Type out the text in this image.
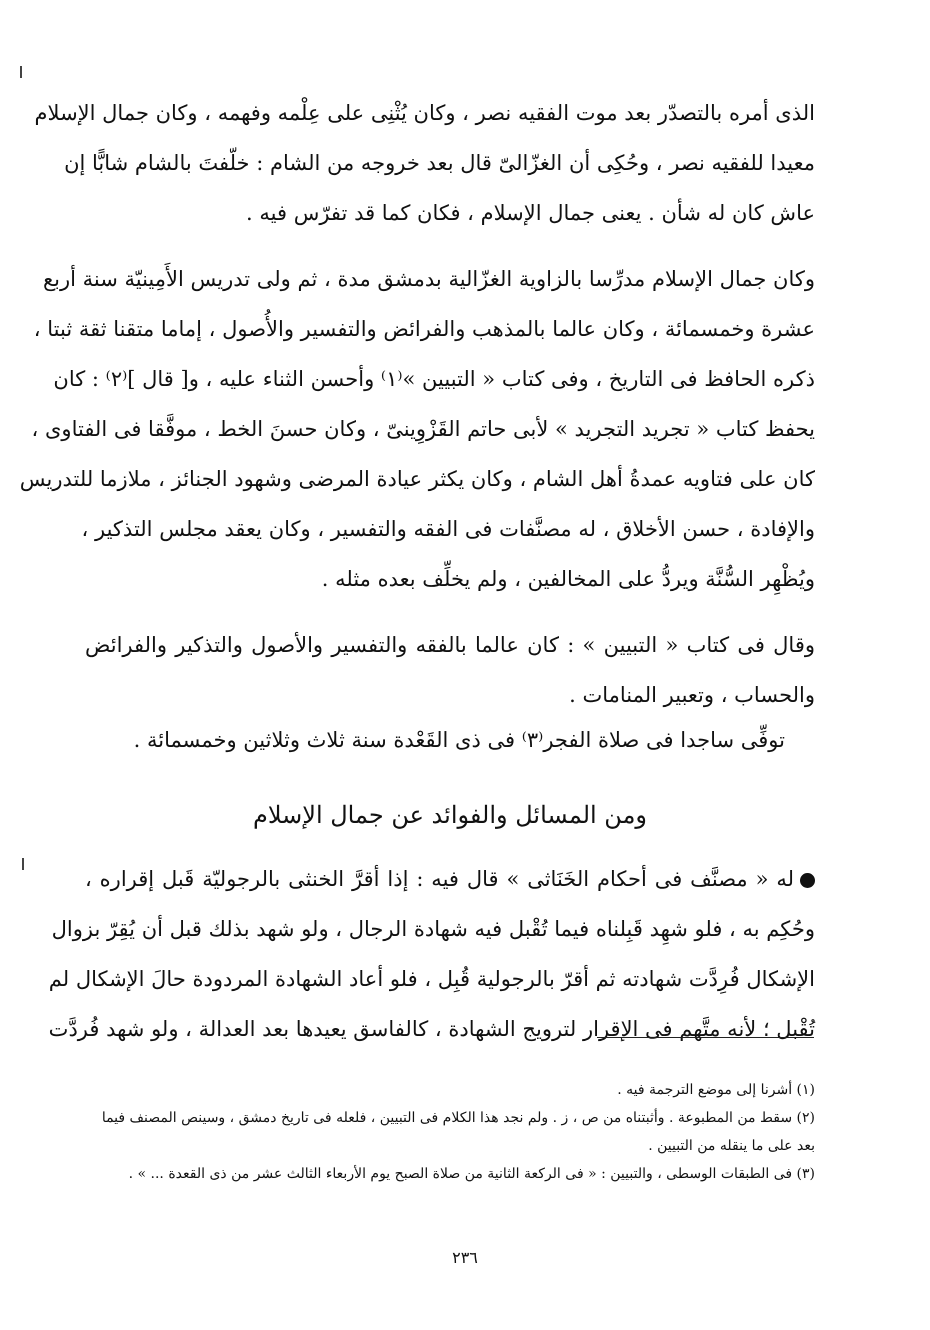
الذى أمره بالتصدّر بعد موت الفقيه نصر ، وكان يُثْنِى على عِلْمه وفهمه ، وكان جمال الإسلام
معيدا للفقيه نصر ، وحُكِى أن الغزّالىّ قال بعد خروجه من الشام : خلّفتَ بالشام شابًّا إن
عاش كان له شأن . يعنى جمال الإسلام ، فكان كما قد تفرّس فيه .
وكان جمال الإسلام مدرِّسا بالزاوية الغزّالية بدمشق مدة ، ثم ولى تدريس الأَمِينيّة سنة أربع
عشرة وخمسمائة ، وكان عالما بالمذهب والفرائض والتفسير والأُصول ، إماما متقنا ثقة ثبتا ،
ذكره الحافظ فى التاريخ ، وفى كتاب « التبيين »⁽١⁾ وأحسن الثناء عليه ، و[ قال ]⁽٢⁾ : كان
يحفظ كتاب « تجريد التجريد » لأبى حاتم القَزْوِينىّ ، وكان حسنَ الخط ، موفَّقا فى الفتاوى ،
كان على فتاويه عمدةُ أهل الشام ، وكان يكثر عيادة المرضى وشهود الجنائز ، ملازما للتدريس
والإفادة ، حسن الأخلاق ، له مصنَّفات فى الفقه والتفسير ، وكان يعقد مجلس التذكير ،
ويُظْهِر السُّنَّة ويردُّ على المخالفين ، ولم يخلِّف بعده مثله .
وقال فى كتاب « التبيين » : كان عالما بالفقه والتفسير والأصول والتذكير والفرائض
والحساب ، وتعبير المنامات .
توفِّى ساجدا فى صلاة الفجر⁽٣⁾ فى ذى القَعْدة سنة ثلاث وثلاثين وخمسمائة .
ومن المسائل والفوائد عن جمال الإسلام
له « مصنَّف فى أحكام الخَنَاثى » قال فيه : إذا أقرَّ الخنثى بالرجوليّة قَبل إقراره ،
وحُكِم به ، فلو شهِد قَبِلناه فيما تُقْبل فيه شهادة الرجال ، ولو شهد بذلك قبل أن يُقِرّ بزوال
الإشكال فُرِدَّت شهادته ثم أقرّ بالرجولية قُبِل ، فلو أعاد الشهادة المردودة حالَ الإشكال لم
تُقْبل ؛ لأنه متَّهم فى الإقرار لترويج الشهادة ، كالفاسق يعيدها بعد العدالة ، ولو شهد فُردَّت
(١) أشرنا إلى موضع الترجمة فيه .
(٢) سقط من المطبوعة . وأثبتناه من ص ، ز . ولم نجد هذا الكلام فى التبيين ، فلعله فى تاريخ دمشق ، وسينص المصنف فيما
بعد على ما ينقله من التبيين .
(٣) فى الطبقات الوسطى ، والتبيين : « فى الركعة الثانية من صلاة الصبح يوم الأربعاء الثالث عشر من ذى القعدة ... » .
٢٣٦
